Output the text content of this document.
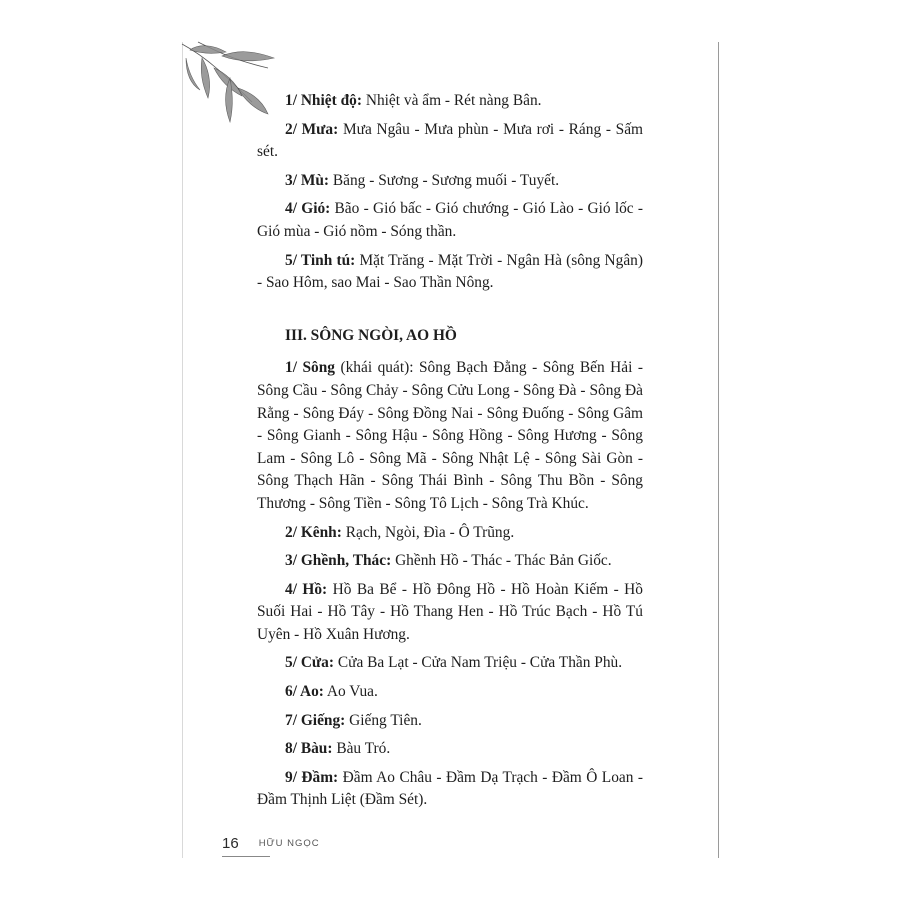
1/ Nhiệt độ: Nhiệt và ẩm - Rét nàng Bân.

2/ Mưa: Mưa Ngâu - Mưa phùn - Mưa rơi - Ráng - Sấm sét.

3/ Mù: Băng - Sương - Sương muối - Tuyết.

4/ Gió: Bão - Gió bấc - Gió chướng - Gió Lào - Gió lốc - Gió mùa - Gió nồm - Sóng thần.

5/ Tinh tú: Mặt Trăng - Mặt Trời - Ngân Hà (sông Ngân) - Sao Hôm, sao Mai - Sao Thần Nông.

III. SÔNG NGÒI, AO HỒ

1/ Sông (khái quát): Sông Bạch Đằng - Sông Bến Hải - Sông Cầu - Sông Chảy - Sông Cửu Long - Sông Đà - Sông Đà Rằng - Sông Đáy - Sông Đồng Nai - Sông Đuống - Sông Gâm - Sông Gianh - Sông Hậu - Sông Hồng - Sông Hương - Sông Lam - Sông Lô - Sông Mã - Sông Nhật Lệ - Sông Sài Gòn - Sông Thạch Hãn - Sông Thái Bình - Sông Thu Bồn - Sông Thương - Sông Tiền - Sông Tô Lịch - Sông Trà Khúc.

2/ Kênh: Rạch, Ngòi, Đìa - Ô Trũng.

3/ Ghềnh, Thác: Ghềnh Hồ - Thác - Thác Bản Giốc.

4/ Hồ: Hồ Ba Bể - Hồ Đông Hồ - Hồ Hoàn Kiếm - Hồ Suối Hai - Hồ Tây - Hồ Thang Hen - Hồ Trúc Bạch - Hồ Tú Uyên - Hồ Xuân Hương.

5/ Cửa: Cửa Ba Lạt - Cửa Nam Triệu - Cửa Thần Phù.

6/ Ao: Ao Vua.

7/ Giếng: Giếng Tiên.

8/ Bàu: Bàu Tró.

9/ Đầm: Đầm Ao Châu - Đầm Dạ Trạch - Đầm Ô Loan - Đầm Thịnh Liệt (Đầm Sét).

16 HỮU NGỌC
